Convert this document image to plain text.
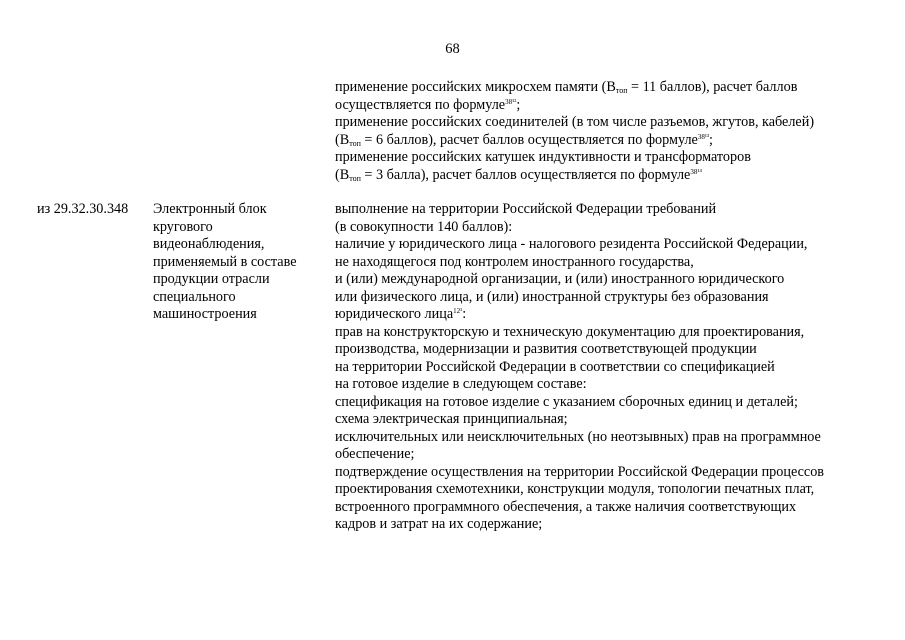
68
применение российских микросхем памяти ($В_{топ} = 11$ баллов), расчет баллов
осуществляется по формуле$^{38^{12}}$;
применение российских соединителей (в том числе разъемов, жгутов, кабелей)
($В_{топ} = 6$ баллов), расчет баллов осуществляется по формуле$^{38^{13}}$;
применение российских катушек индуктивности и трансформаторов
($В_{топ} = 3$ балла), расчет баллов осуществляется по формуле$^{38^{14}}$
из 29.32.30.348	Электронный блок
кругового
видеонаблюдения,
применяемый в составе
продукции отрасли
специального
машиностроения
выполнение на территории Российской Федерации требований
(в совокупности 140 баллов):
наличие у юридического лица - налогового резидента Российской Федерации,
не находящегося под контролем иностранного государства,
и (или) международной организации, и (или) иностранного юридического
или физического лица, и (или) иностранной структуры без образования
юридического лица$^{12^1}$:
прав на конструкторскую и техническую документацию для проектирования,
производства, модернизации и развития соответствующей продукции
на территории Российской Федерации в соответствии со спецификацией
на готовое изделие в следующем составе:
спецификация на готовое изделие с указанием сборочных единиц и деталей;
схема электрическая принципиальная;
исключительных или неисключительных (но неотзывных) прав на программное
обеспечение;
подтверждение осуществления на территории Российской Федерации процессов
проектирования схемотехники, конструкции модуля, топологии печатных плат,
встроенного программного обеспечения, а также наличия соответствующих
кадров и затрат на их содержание;
